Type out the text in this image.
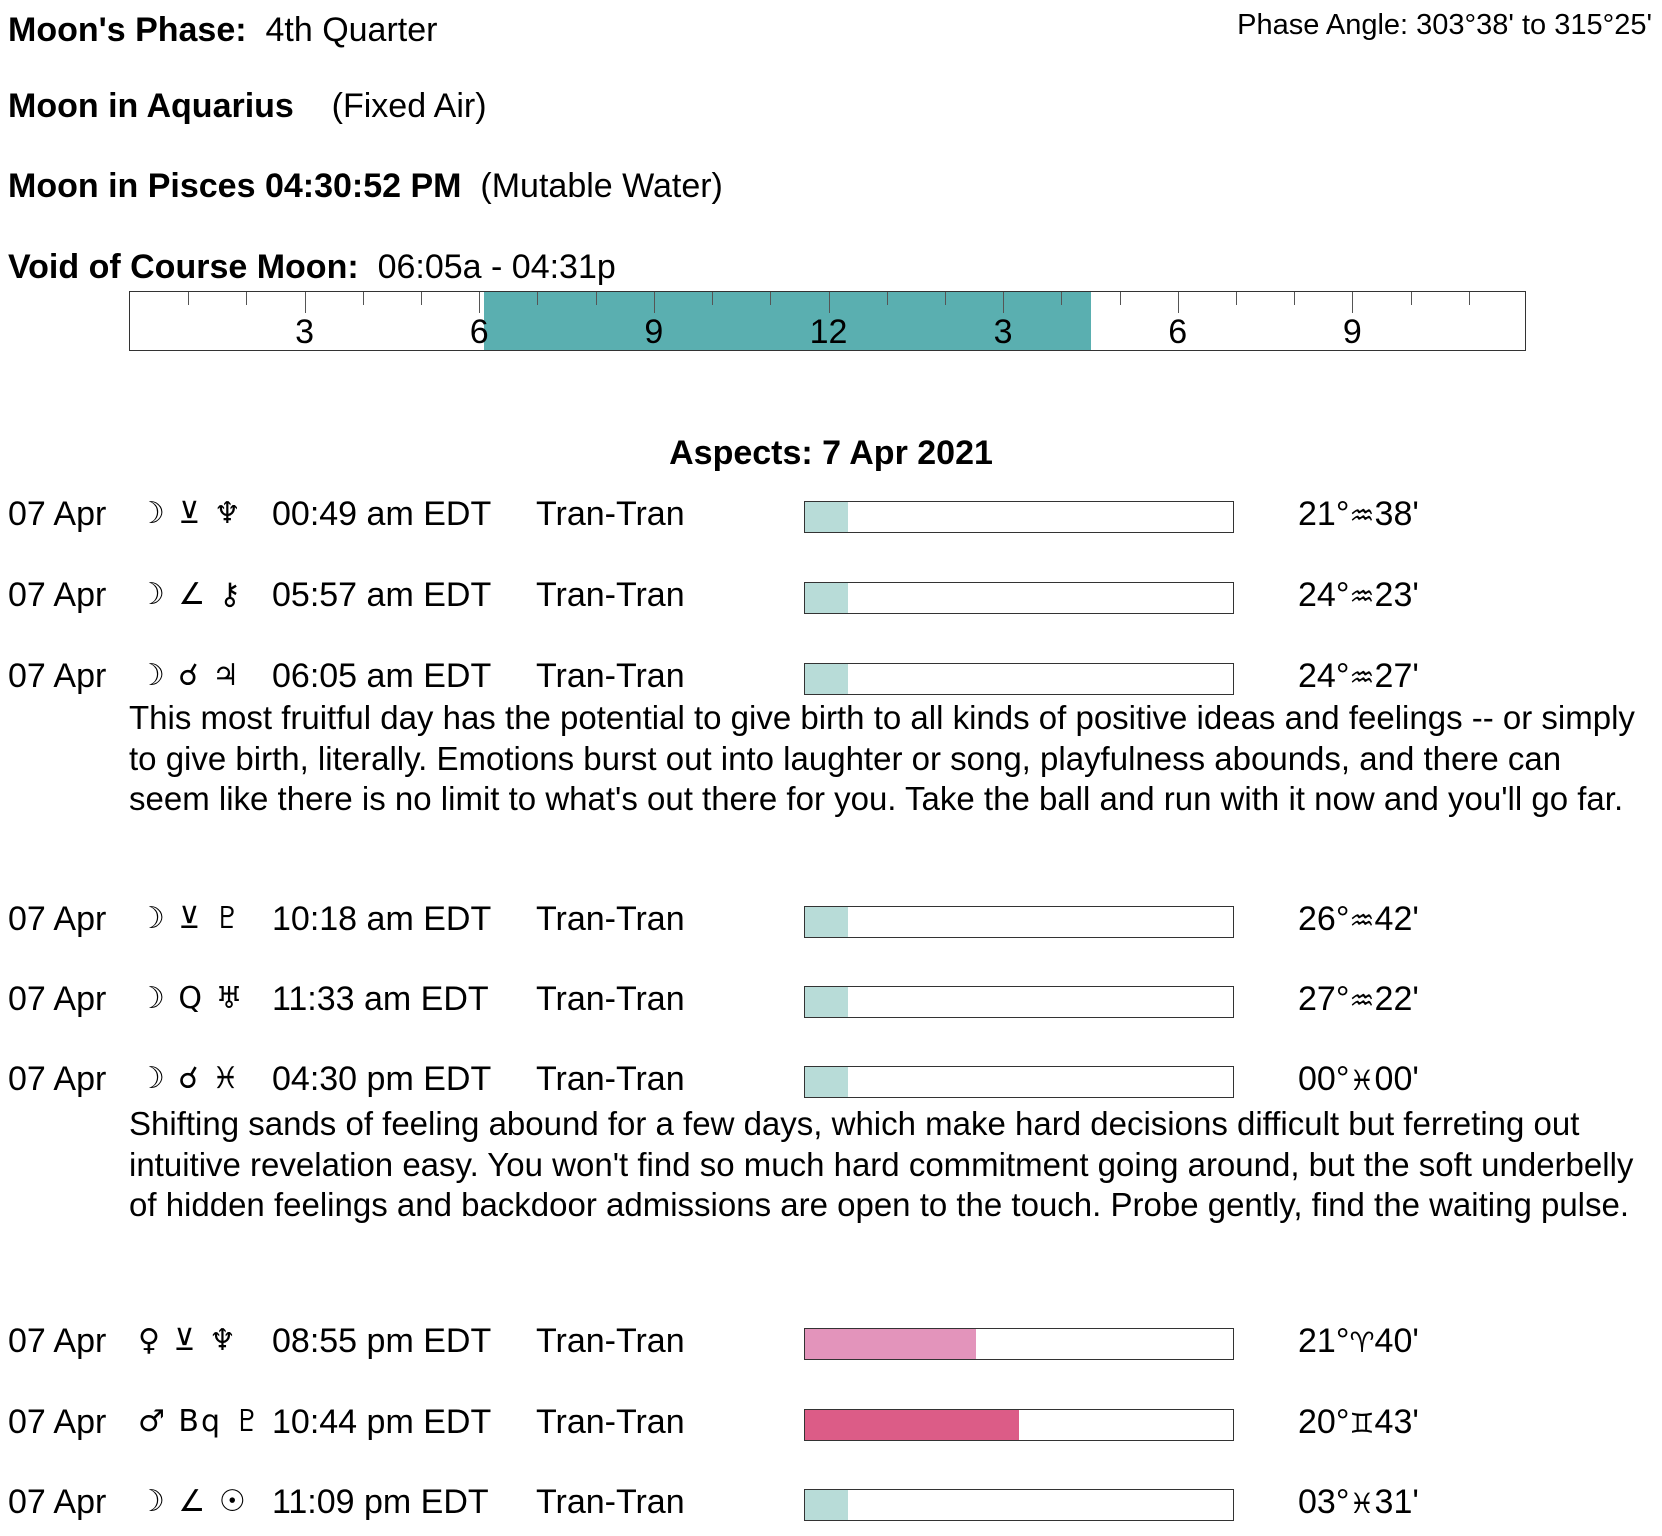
Moon's Phase: 4th Quarter	Phase Angle: 303°38' to 315°25'
Moon in Aquarius (Fixed Air)
Moon in Pisces 04:30:52 PM (Mutable Water)
Void of Course Moon: 06:05a - 04:31p
3	6	9	12	3	6	9
Aspects: 7 Apr 2021
07 Apr ☽ ⊻ ♆ 00:49 am EDT Tran-Tran	21°♒38'
07 Apr ☽ ∠ ⚷ 05:57 am EDT Tran-Tran	24°♒23'
07 Apr ☽ ☌ ♃ 06:05 am EDT Tran-Tran	24°♒27'
This most fruitful day has the potential to give birth to all kinds of positive ideas and feelings -- or simply to give birth, literally. Emotions burst out into laughter or song, playfulness abounds, and there can seem like there is no limit to what's out there for you. Take the ball and run with it now and you'll go far.
07 Apr ☽ ⊻ ♇ 10:18 am EDT Tran-Tran	26°♒42'
07 Apr ☽ Q ♅ 11:33 am EDT Tran-Tran	27°♒22'
07 Apr ☽ ☌ ♓ 04:30 pm EDT Tran-Tran	00°♓00'
Shifting sands of feeling abound for a few days, which make hard decisions difficult but ferreting out intuitive revelation easy. You won't find so much hard commitment going around, but the soft underbelly of hidden feelings and backdoor admissions are open to the touch. Probe gently, find the waiting pulse.
07 Apr ♀ ⊻ ♆	08:55 pm EDT Tran-Tran	21°♈40'
07 Apr ♂ Bq ♇ 10:44 pm EDT Tran-Tran	20°♊43'
07 Apr ☽ ∠ ☉ 11:09 pm EDT Tran-Tran	03°♓31'
